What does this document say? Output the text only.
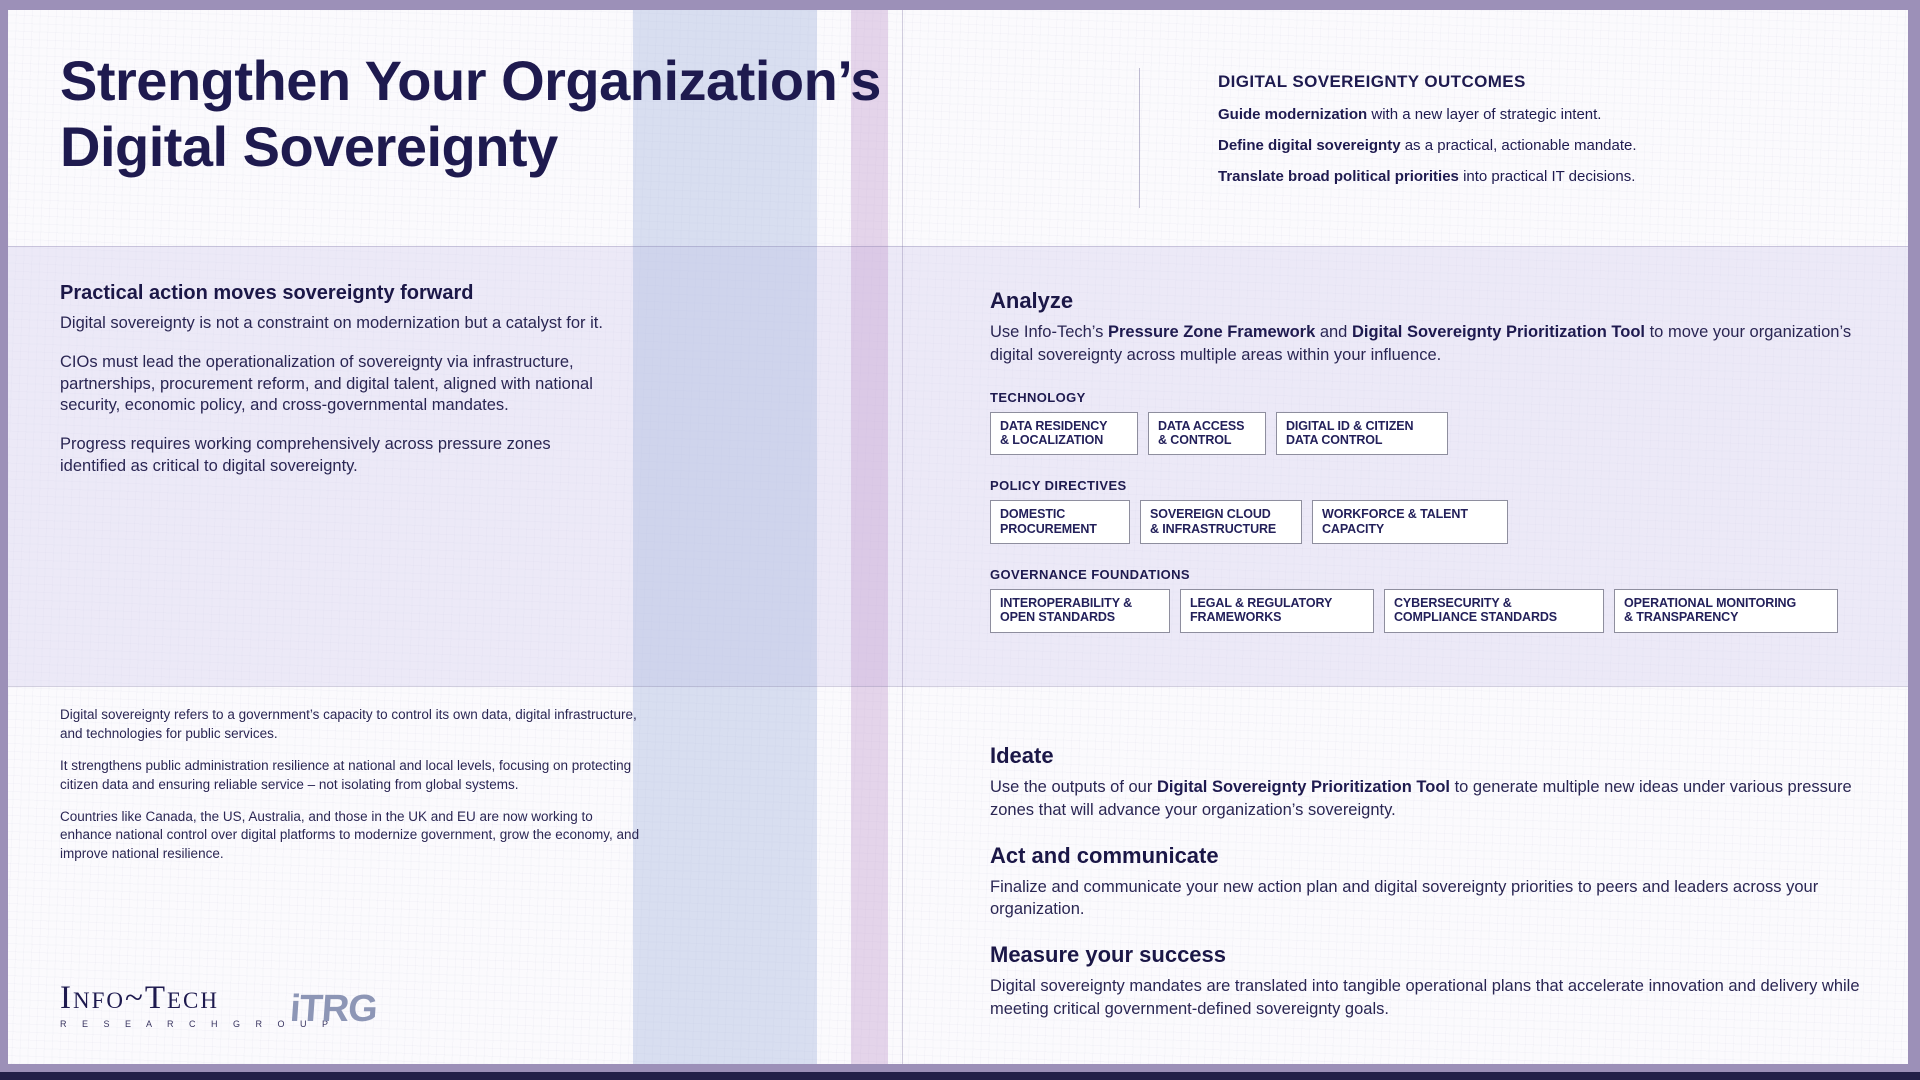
Strengthen Your Organization’s
Digital Sovereignty
DIGITAL SOVEREIGNTY OUTCOMES
Guide modernization with a new layer of strategic intent.
Define digital sovereignty as a practical, actionable mandate.
Translate broad political priorities into practical IT decisions.
Practical action moves sovereignty forward

Digital sovereignty is not a constraint on modernization but a catalyst for it.

CIOs must lead the operationalization of sovereignty via infrastructure, partnerships, procurement reform, and digital talent, aligned with national security, economic policy, and cross-governmental mandates.

Progress requires working comprehensively across pressure zones identified as critical to digital sovereignty.

Analyze
Use Info-Tech’s Pressure Zone Framework and Digital Sovereignty Prioritization Tool to move your organization’s digital sovereignty across multiple areas within your influence.
TECHNOLOGY
DATA RESIDENCY
& LOCALIZATION
DATA ACCESS
& CONTROL
DIGITAL ID & CITIZEN
DATA CONTROL
POLICY DIRECTIVES
DOMESTIC
PROCUREMENT
SOVEREIGN CLOUD
& INFRASTRUCTURE
WORKFORCE & TALENT
CAPACITY
GOVERNANCE FOUNDATIONS
INTEROPERABILITY &
OPEN STANDARDS
LEGAL & REGULATORY
FRAMEWORKS
CYBERSECURITY &
COMPLIANCE STANDARDS
OPERATIONAL MONITORING
& TRANSPARENCY

Digital sovereignty refers to a government’s capacity to control its own data, digital infrastructure, and technologies for public services.

It strengthens public administration resilience at national and local levels, focusing on protecting citizen data and ensuring reliable service – not isolating from global systems.

Countries like Canada, the US, Australia, and those in the UK and EU are now working to enhance national control over digital platforms to modernize government, grow the economy, and improve national resilience.

Info~Tech
R E S E A R C H G R O U P
iTRG
Ideate
Use the outputs of our Digital Sovereignty Prioritization Tool to generate multiple new ideas under various pressure zones that will advance your organization’s sovereignty.
Act and communicate
Finalize and communicate your new action plan and digital sovereignty priorities to peers and leaders across your organization.
Measure your success
Digital sovereignty mandates are translated into tangible operational plans that accelerate innovation and delivery while meeting critical government-defined sovereignty goals.
